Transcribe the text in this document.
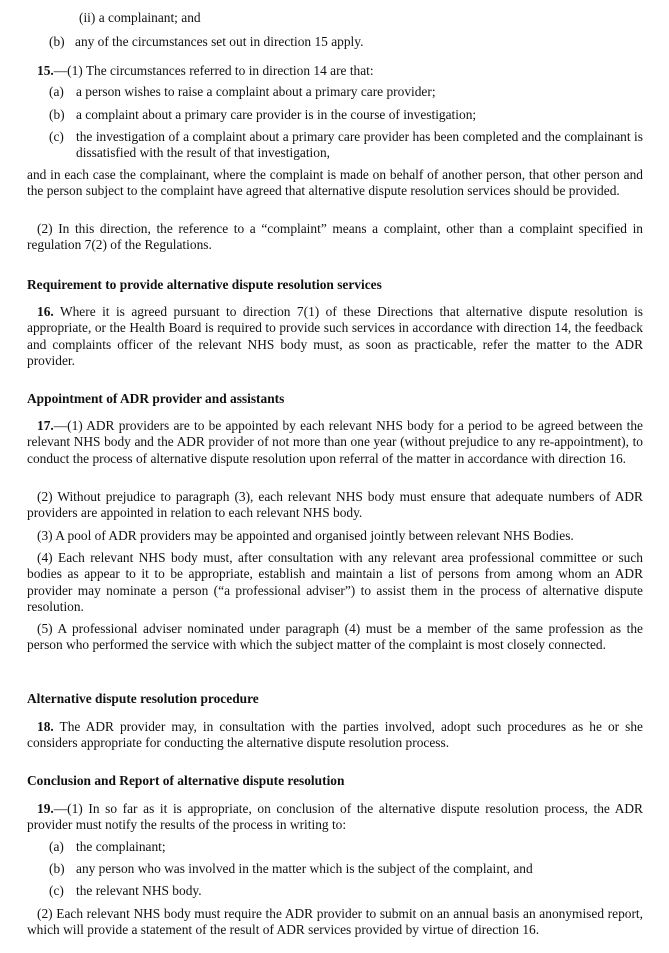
(ii) a complainant; and

(b) any of the circumstances set out in direction 15 apply.

15.—(1) The circumstances referred to in direction 14 are that:

(a) a person wishes to raise a complaint about a primary care provider;
(b) a complaint about a primary care provider is in the course of investigation;
(c) the investigation of a complaint about a primary care provider has been completed and the complainant is dissatisfied with the result of that investigation,

and in each case the complainant, where the complaint is made on behalf of another person, that other person and the person subject to the complaint have agreed that alternative dispute resolution services should be provided.

(2) In this direction, the reference to a “complaint” means a complaint, other than a complaint specified in regulation 7(2) of the Regulations.

Requirement to provide alternative dispute resolution services

16. Where it is agreed pursuant to direction 7(1) of these Directions that alternative dispute resolution is appropriate, or the Health Board is required to provide such services in accordance with direction 14, the feedback and complaints officer of the relevant NHS body must, as soon as practicable, refer the matter to the ADR provider.

Appointment of ADR provider and assistants

17.—(1) ADR providers are to be appointed by each relevant NHS body for a period to be agreed between the relevant NHS body and the ADR provider of not more than one year (without prejudice to any re-appointment), to conduct the process of alternative dispute resolution upon referral of the matter in accordance with direction 16.

(2) Without prejudice to paragraph (3), each relevant NHS body must ensure that adequate numbers of ADR providers are appointed in relation to each relevant NHS body.

(3) A pool of ADR providers may be appointed and organised jointly between relevant NHS Bodies.

(4) Each relevant NHS body must, after consultation with any relevant area professional committee or such bodies as appear to it to be appropriate, establish and maintain a list of persons from among whom an ADR provider may nominate a person (“a professional adviser”) to assist them in the process of alternative dispute resolution.

(5) A professional adviser nominated under paragraph (4) must be a member of the same profession as the person who performed the service with which the subject matter of the complaint is most closely connected.

Alternative dispute resolution procedure

18. The ADR provider may, in consultation with the parties involved, adopt such procedures as he or she considers appropriate for conducting the alternative dispute resolution process.

Conclusion and Report of alternative dispute resolution

19.—(1) In so far as it is appropriate, on conclusion of the alternative dispute resolution process, the ADR provider must notify the results of the process in writing to:

(a) the complainant;
(b) any person who was involved in the matter which is the subject of the complaint, and
(c) the relevant NHS body.

(2) Each relevant NHS body must require the ADR provider to submit on an annual basis an anonymised report, which will provide a statement of the result of ADR services provided by virtue of direction 16.
